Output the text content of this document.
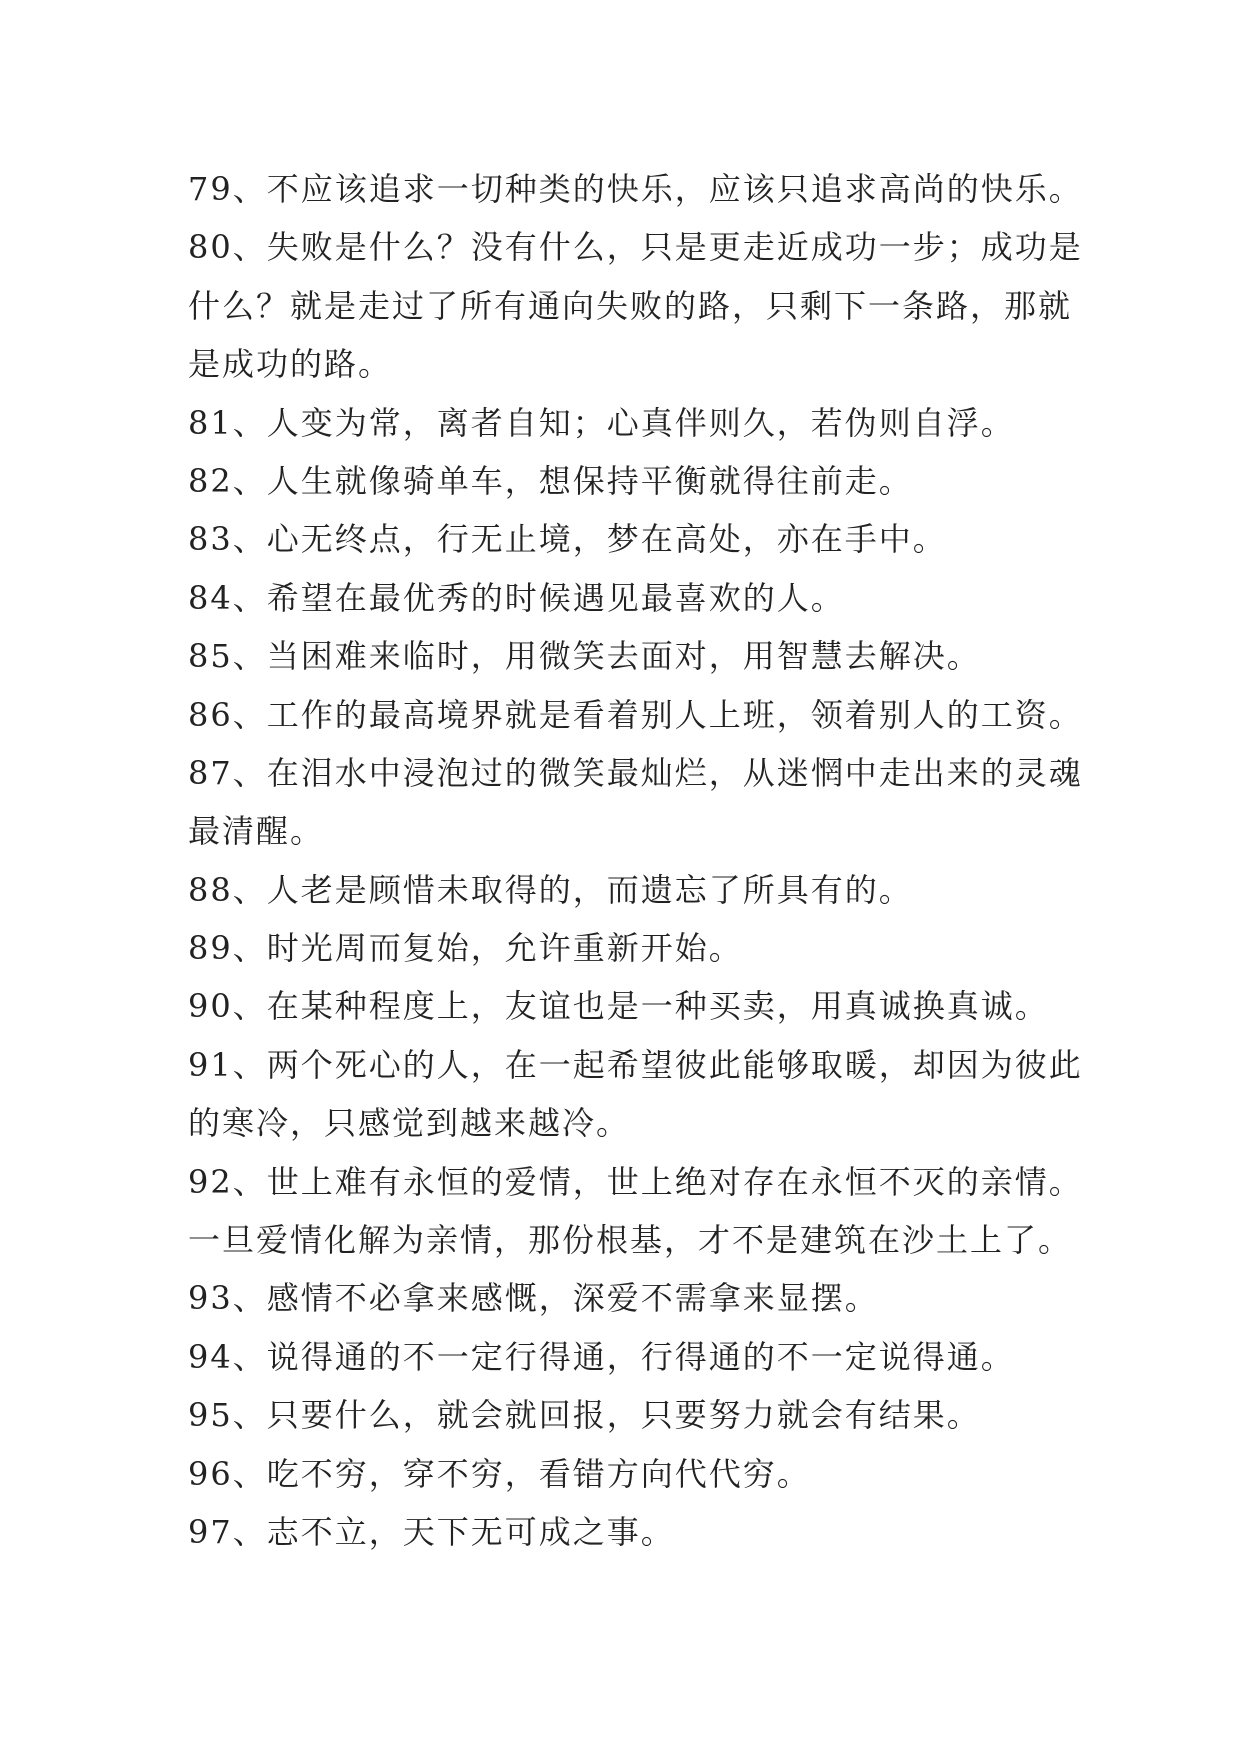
79、不应该追求一切种类的快乐，应该只追求高尚的快乐。
80、失败是什么？没有什么，只是更走近成功一步；成功是
什么？就是走过了所有通向失败的路，只剩下一条路，那就
是成功的路。
81、人变为常，离者自知；心真伴则久，若伪则自浮。
82、人生就像骑单车，想保持平衡就得往前走。
83、心无终点，行无止境，梦在高处，亦在手中。
84、希望在最优秀的时候遇见最喜欢的人。
85、当困难来临时，用微笑去面对，用智慧去解决。
86、工作的最高境界就是看着别人上班，领着别人的工资。
87、在泪水中浸泡过的微笑最灿烂，从迷惘中走出来的灵魂
最清醒。
88、人老是顾惜未取得的，而遗忘了所具有的。
89、时光周而复始，允许重新开始。
90、在某种程度上，友谊也是一种买卖，用真诚换真诚。
91、两个死心的人，在一起希望彼此能够取暖，却因为彼此
的寒冷，只感觉到越来越冷。
92、世上难有永恒的爱情，世上绝对存在永恒不灭的亲情。
一旦爱情化解为亲情，那份根基，才不是建筑在沙土上了。
93、感情不必拿来感慨，深爱不需拿来显摆。
94、说得通的不一定行得通，行得通的不一定说得通。
95、只要什么，就会就回报，只要努力就会有结果。
96、吃不穷，穿不穷，看错方向代代穷。
97、志不立，天下无可成之事。
